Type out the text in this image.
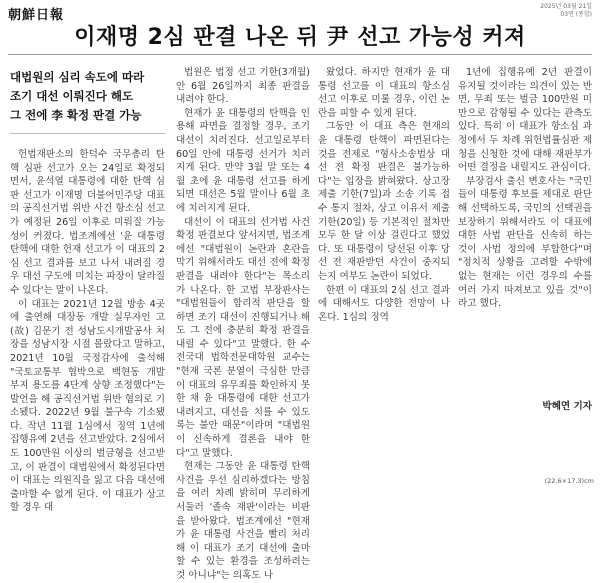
朝鮮日報
2025년 03월 21일
03면 (종합)
이재명 2심 판결 나온 뒤 尹 선고 가능성 커져
대법원의 심리 속도에 따라
조기 대선 이뤄진다 해도
그 전에 李 확정 판결 가능

헌법재판소의 한덕수 국무총리 탄핵 심판 선고가 오는 24일로 확정되면서, 윤석열 대통령에 대한 탄핵 심판 선고가 이재명 더불어민주당 대표의 공직선거법 위반 사건 항소심 선고가 예정된 26일 이후로 미뤄질 가능성이 커졌다. 법조계에선 '윤 대통령 탄핵에 대한 헌재 선고가 이 대표의 2심 선고 결과를 보고 나서 내려질 경우 대선 구도에 미치는 파장이 달라질 수 있다'는 말이 나온다.

이 대표는 2021년 12월 방송 4곳에 출연해 대장동 개발 실무자인 고(故) 김문기 전 성남도시개발공사 처장을 성남시장 시절 몰랐다고 말하고, 2021년 10월 국정감사에 출석해 "국토교통부 협박으로 백현동 개발 부지 용도를 4단계 상향 조정했다"는 발언을 해 공직선거법 위반 혐의로 기소됐다. 2022년 9월 불구속 기소됐다. 작년 11월 1심에서 징역 1년에 집행유예 2년을 선고받았다. 2심에서도 100만원 이상의 벌금형을 선고받고, 이 판결이 대법원에서 확정된다면 이 대표는 의원직을 잃고 다음 대선에 출마할 수 없게 된다. 이 대표가 상고할 경우 대

법원은 법정 선고 기한(3개월) 안 6월 26일까지 최종 판결을 내려야 한다.

현재가 윤 대통령의 탄핵을 인용해 파면을 결정할 경우, 조기 대선이 치러진다. 선고일로부터 60일 안에 대통령 선거가 치러지게 된다. 만약 3월 말 또는 4월 초에 윤 대통령 선고를 하게 되면 대선은 5월 말이나 6월 초에 치러지게 된다.

대선이 이 대표의 선거법 사건 확정 판결보다 앞서지면, 법조계에선 "대법원이 논란과 혼란을 막기 위해서라도 대선 전에 확정 판결을 내려야 한다"는 목소리가 나온다. 한 고법 부장판사는 "대법원들이 합리적 판단을 할 하면 조기 대선이 진행되거나 해도 그 전에 충분히 확정 판결을 내릴 수 있다"고 말했다. 한 수 전국대 법학전문대학원 교수는 "현재 국론 분열이 극심한 만큼 이 대표의 유무죄를 확인하지 못한 채 윤 대통령에 대한 선고가 내려지고, 대선을 치를 수 있도록는 불안 때문"이라며 "대법원이 신속하게 결론을 내야 한다"고 말했다.

현재는 그동안 윤 대통령 탄핵 사건을 우선 심리하겠다는 방침을 여러 차례 밝히며 무리하게 서둘러 '졸속 재판'이라는 비판을 받아왔다. 법조계에선 "현재가 윤 대통령 사건을 빨리 처리해 이 대표가 조기 대선에 출마할 수 있는 환경을 조성하려는 것 아니냐"는 의혹도 나

왔었다. 하지만 현재가 윤 대통령 선고를 이 대표의 항소심 선고 이후로 미룰 경우, 이런 논란을 피할 수 있게 된다.

그동안 이 대표 측은 현재의 윤 대통령 탄핵이 파면된다는 것을 전제로 "형사소송법상 대선 전 확정 판결은 불가능하다"는 입장을 밝혀왔다. 상고장 제출 기한(7일)과 소송 기록 접수 통지 절차, 상고 이유서 제출 기한(20일) 등 기본적인 절차만 모두 한 달 이상 걸린다고 했었다. 또 대통령이 당선된 이후 당선 전 재판받던 사건이 중지되는지 여부도 논란이 되었다.

한편 이 대표의 2심 선고 결과에 대해서도 다양한 전망이 나온다. 1심의 징역

1년에 집행유예 2년 판결이 유지될 것이라는 의견이 있는 반면, 무죄 또는 벌금 100만원 미만으로 감형될 수 있다는 관측도 있다. 특히 이 대표가 항소심 과정에서 두 차례 위헌법률심판 제청을 신청한 것에 대해 재판부가 어떤 결정을 내릴지도 관심이다.

부장검사 출신 변호사는 "국민들이 대통령 후보를 제대로 판단해 선택하도록, 국민의 선택권을 보장하기 위해서라도 이 대표에 대한 사법 판단을 신속히 하는 것이 사법 정의에 부합한다"며 "정치적 상황을 고려할 수밖에 없는 현재는 이런 경우의 수를 여러 가지 따져보고 있을 것"이라고 했다.

박혜연 기자
(22.6×17.3)cm
